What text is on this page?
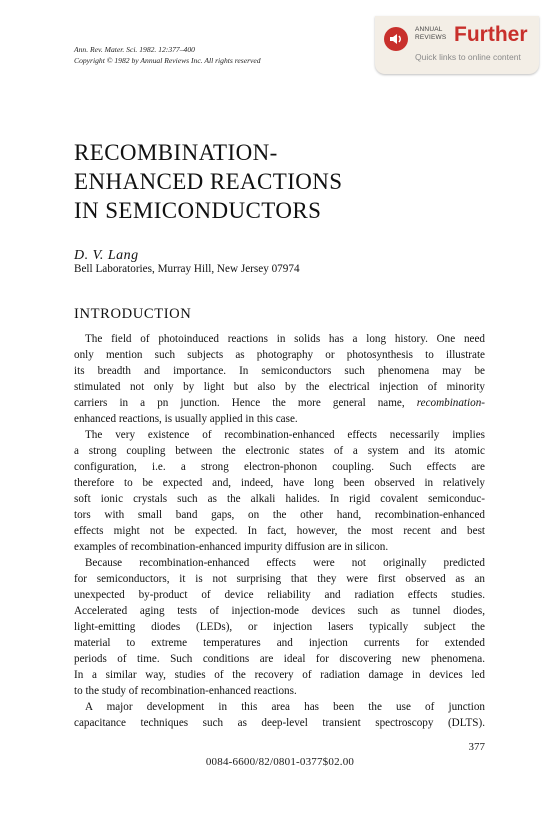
Ann. Rev. Mater. Sci. 1982. 12:377–400
Copyright © 1982 by Annual Reviews Inc. All rights reserved
ANNUAL
REVIEWS Further
Quick links to online content
RECOMBINATION-
ENHANCED REACTIONS
IN SEMICONDUCTORS
D. V. Lang
Bell Laboratories, Murray Hill, New Jersey 07974
INTRODUCTION
The field of photoinduced reactions in solids has a long history. One need
only mention such subjects as photography or photosynthesis to illustrate
its breadth and importance. In semiconductors such phenomena may be
stimulated not only by light but also by the electrical injection of minority
carriers in a pn junction. Hence the more general name, recombination-
enhanced reactions, is usually applied in this case.
The very existence of recombination-enhanced effects necessarily implies
a strong coupling between the electronic states of a system and its atomic
configuration, i.e. a strong electron-phonon coupling. Such effects are
therefore to be expected and, indeed, have long been observed in relatively
soft ionic crystals such as the alkali halides. In rigid covalent semiconduc-
tors with small band gaps, on the other hand, recombination-enhanced
effects might not be expected. In fact, however, the most recent and best
examples of recombination-enhanced impurity diffusion are in silicon.
Because recombination-enhanced effects were not originally predicted
for semiconductors, it is not surprising that they were first observed as an
unexpected by-product of device reliability and radiation effects studies.
Accelerated aging tests of injection-mode devices such as tunnel diodes,
light-emitting diodes (LEDs), or injection lasers typically subject the
material to extreme temperatures and injection currents for extended
periods of time. Such conditions are ideal for discovering new phenomena.
In a similar way, studies of the recovery of radiation damage in devices led
to the study of recombination-enhanced reactions.
A major development in this area has been the use of junction
capacitance techniques such as deep-level transient spectroscopy (DLTS).
377
0084-6600/82/0801-0377$02.00
